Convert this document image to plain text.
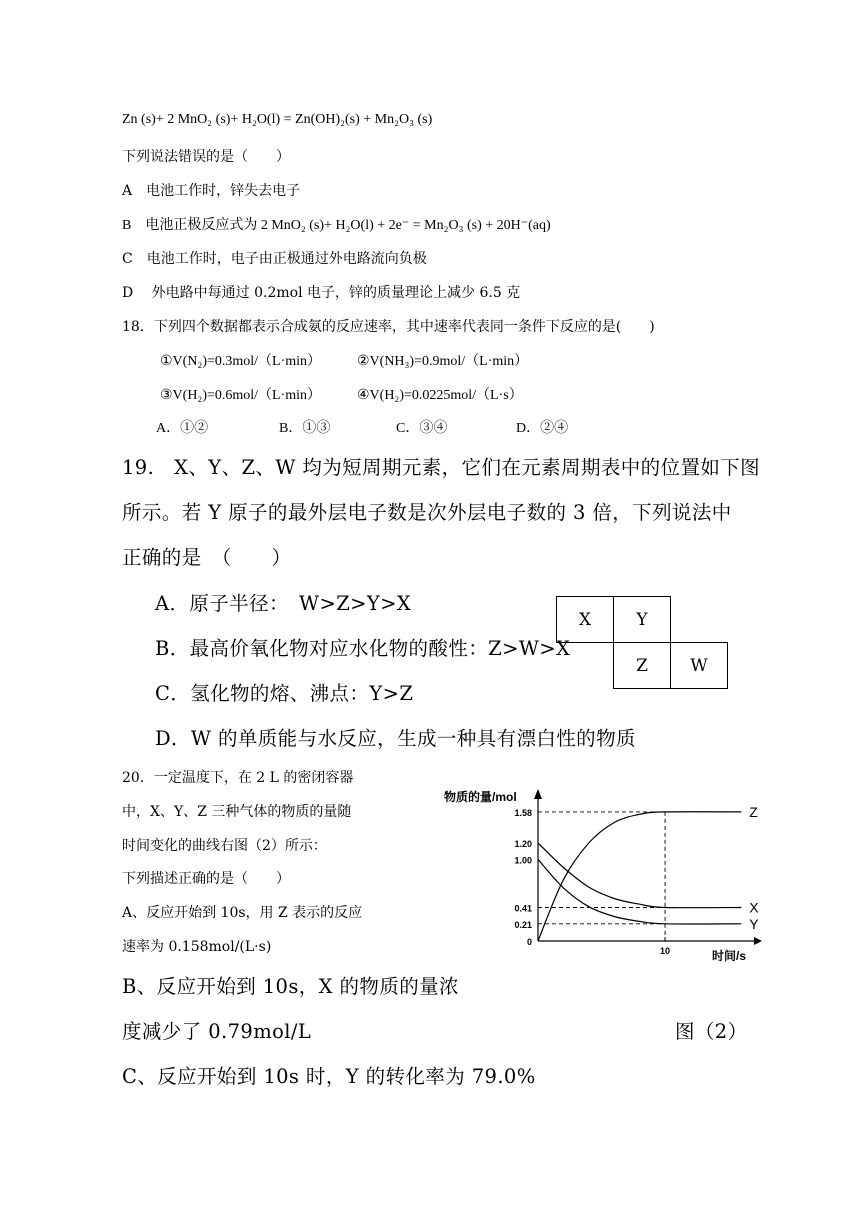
Zn (s)+ 2 MnO₂ (s)+ H₂O(l) = Zn(OH)₂(s) + Mn₂O₃ (s)
下列说法错误的是（　　）
A　电池工作时，锌失去电子
B　电池正极反应式为 2 MnO₂ (s)+ H₂O(l) + 2e⁻ = Mn₂O₃ (s) + 20H⁻(aq)
C　电池工作时，电子由正极通过外电路流向负极
D　 外电路中每通过 0.2mol 电子，锌的质量理论上减少 6.5 克
18．下列四个数据都表示合成氨的反应速率，其中速率代表同一条件下反应的是(　　)
①V(N₂)=0.3mol/（L·min）	②V(NH₃)=0.9mol/（L·min）
③V(H₂)=0.6mol/（L·min）	④V(H₂)=0.0225mol/（L·s）
A．①②	B．①③	C．③④	D．②④
19.　X、Y、Z、W 均为短周期元素，它们在元素周期表中的位置如下图
所示。若 Y 原子的最外层电子数是次外层电子数的 3 倍，下列说法中
正确的是　（　　）
A．原子半径：　W>Z>Y>X
B．最高价氧化物对应水化物的酸性：Z>W>X
C．氢化物的熔、沸点：Y>Z
D．W 的单质能与水反应，生成一种具有漂白性的物质
X	Y	
	Z	W
20．一定温度下，在 2 L 的密闭容器
中，X、Y、Z 三种气体的物质的量随
时间变化的曲线右图（2）所示：
下列描述正确的是（　　）
A、反应开始到 10s，用 Z 表示的反应
速率为 0.158mol/(L·s)
B、反应开始到 10s，X 的物质的量浓
度减少了 0.79mol/L	图（2）
C、反应开始到 10s 时，Y 的转化率为 79.0%
物质的量/mol
时间/s
0
0.21
0.41
1.00
1.20
1.58
10
Z
X
Y
